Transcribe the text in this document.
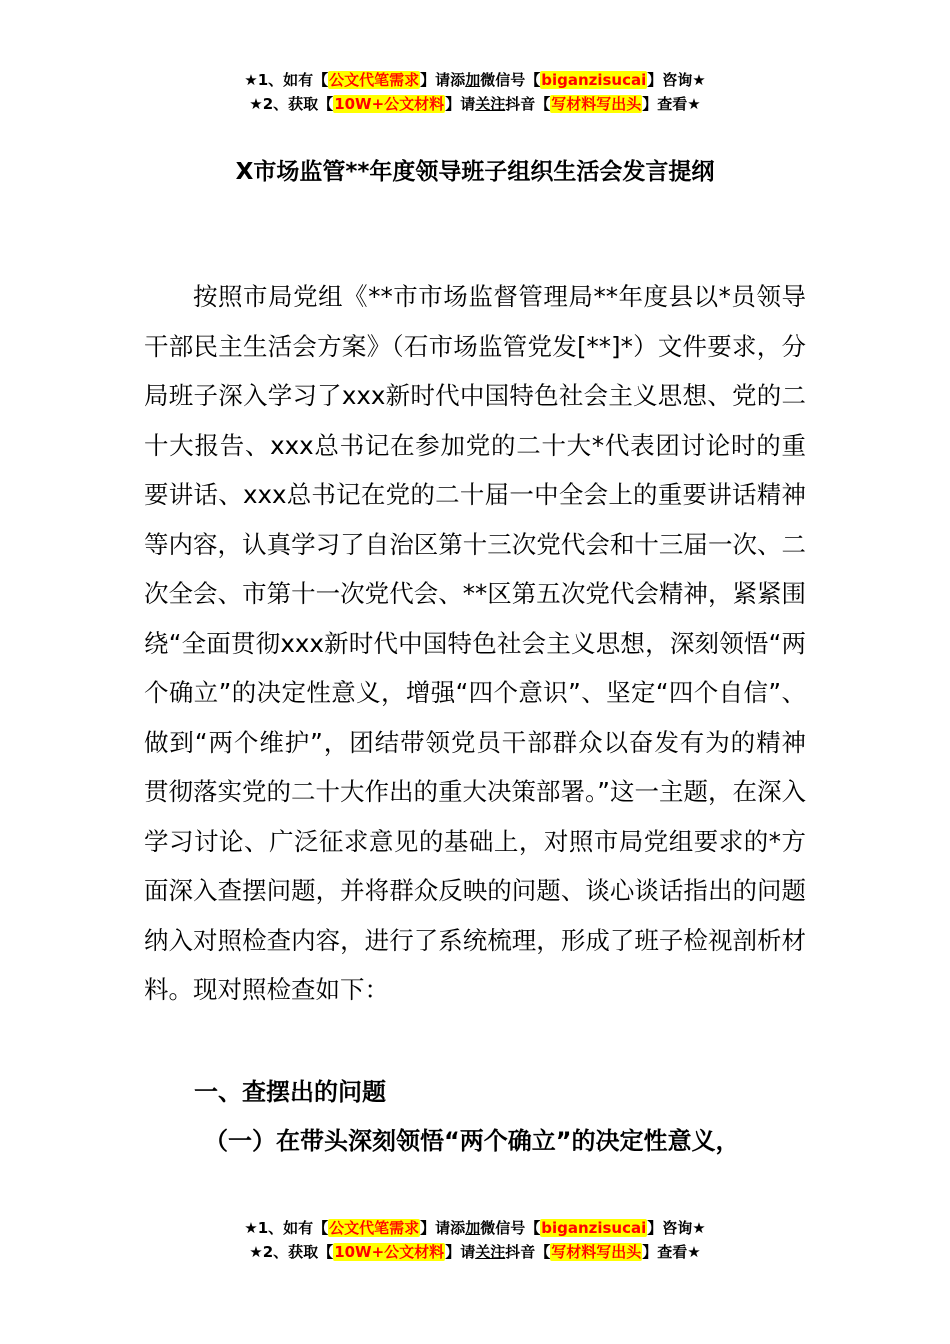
★1、如有【公文代笔需求】请添加微信号【biganzisucai】咨询★
★2、获取【10W+公文材料】请关注抖音【写材料写出头】查看★
X市场监管**年度领导班子组织生活会发言提纲

按照市局党组《**市市场监督管理局**年度县以*员领导干部民主生活会方案》（石市场监管党发[**]*）文件要求，分局班子深入学习了xxx新时代中国特色社会主义思想、党的二十大报告、xxx总书记在参加党的二十大*代表团讨论时的重要讲话、xxx总书记在党的二十届一中全会上的重要讲话精神等内容，认真学习了自治区第十三次党代会和十三届一次、二次全会、市第十一次党代会、**区第五次党代会精神，紧紧围绕“全面贯彻xxx新时代中国特色社会主义思想，深刻领悟“两个确立”的决定性意义，增强“四个意识”、坚定“四个自信”、做到“两个维护”，团结带领党员干部群众以奋发有为的精神贯彻落实党的二十大作出的重大决策部署。”这一主题，在深入学习讨论、广泛征求意见的基础上，对照市局党组要求的*方面深入查摆问题，并将群众反映的问题、谈心谈话指出的问题纳入对照检查内容，进行了系统梳理，形成了班子检视剖析材料。现对照检查如下：

一、查摆出的问题

（一）在带头深刻领悟“两个确立”的决定性意义，

★1、如有【公文代笔需求】请添加微信号【biganzisucai】咨询★
★2、获取【10W+公文材料】请关注抖音【写材料写出头】查看★
